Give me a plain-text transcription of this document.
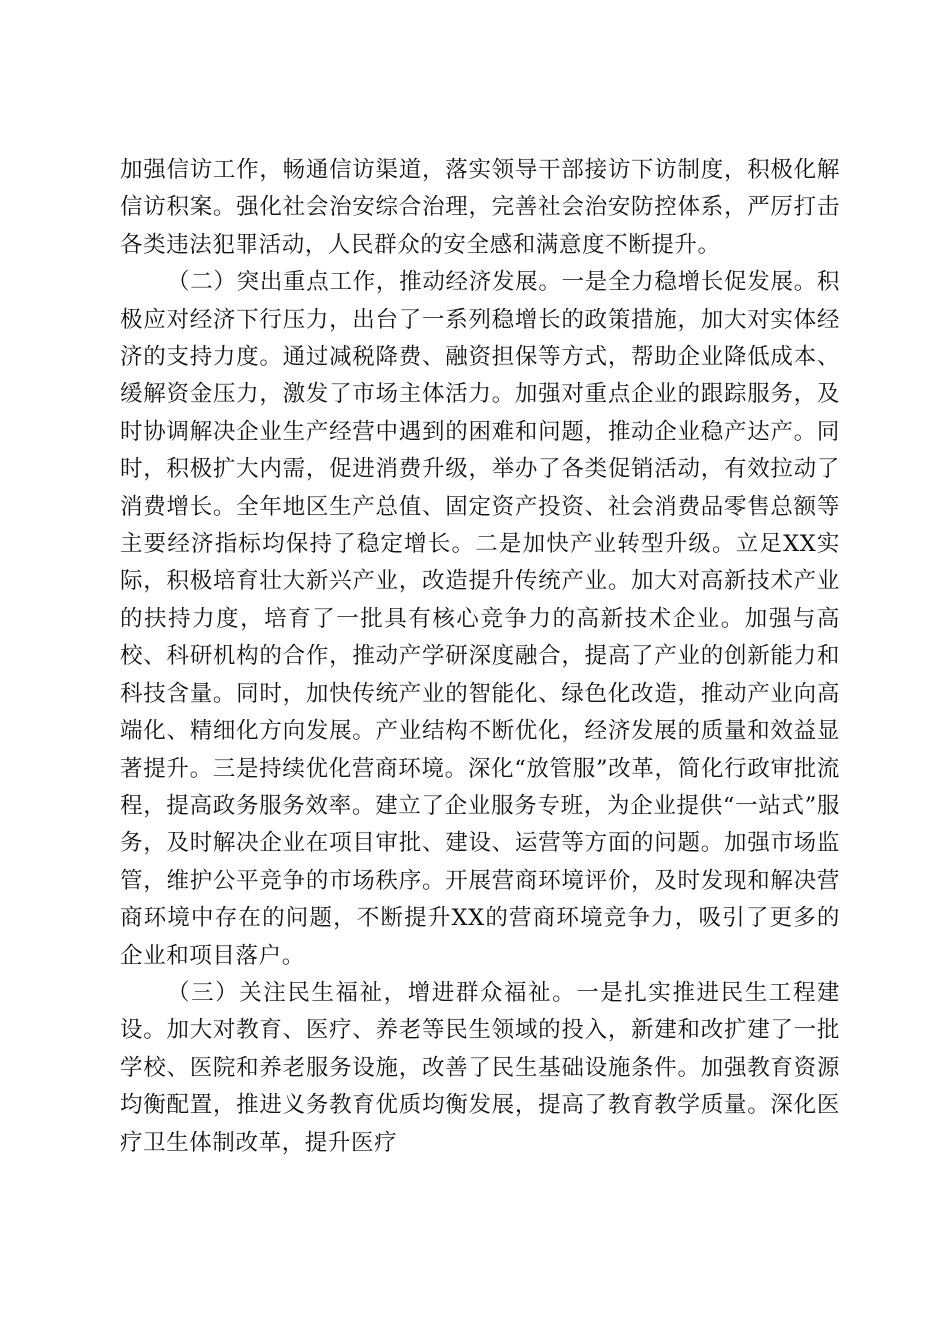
加强信访工作，畅通信访渠道，落实领导干部接访下访制度，积极化解信访积案。强化社会治安综合治理，完善社会治安防控体系，严厉打击各类违法犯罪活动，人民群众的安全感和满意度不断提升。

（二）突出重点工作，推动经济发展。一是全力稳增长促发展。积极应对经济下行压力，出台了一系列稳增长的政策措施，加大对实体经济的支持力度。通过减税降费、融资担保等方式，帮助企业降低成本、缓解资金压力，激发了市场主体活力。加强对重点企业的跟踪服务，及时协调解决企业生产经营中遇到的困难和问题，推动企业稳产达产。同时，积极扩大内需，促进消费升级，举办了各类促销活动，有效拉动了消费增长。全年地区生产总值、固定资产投资、社会消费品零售总额等主要经济指标均保持了稳定增长。二是加快产业转型升级。立足XX实际，积极培育壮大新兴产业，改造提升传统产业。加大对高新技术产业的扶持力度，培育了一批具有核心竞争力的高新技术企业。加强与高校、科研机构的合作，推动产学研深度融合，提高了产业的创新能力和科技含量。同时，加快传统产业的智能化、绿色化改造，推动产业向高端化、精细化方向发展。产业结构不断优化，经济发展的质量和效益显著提升。三是持续优化营商环境。深化“放管服”改革，简化行政审批流程，提高政务服务效率。建立了企业服务专班，为企业提供“一站式”服务，及时解决企业在项目审批、建设、运营等方面的问题。加强市场监管，维护公平竞争的市场秩序。开展营商环境评价，及时发现和解决营商环境中存在的问题，不断提升XX的营商环境竞争力，吸引了更多的企业和项目落户。

（三）关注民生福祉，增进群众福祉。一是扎实推进民生工程建设。加大对教育、医疗、养老等民生领域的投入，新建和改扩建了一批学校、医院和养老服务设施，改善了民生基础设施条件。加强教育资源均衡配置，推进义务教育优质均衡发展，提高了教育教学质量。深化医疗卫生体制改革，提升医疗
